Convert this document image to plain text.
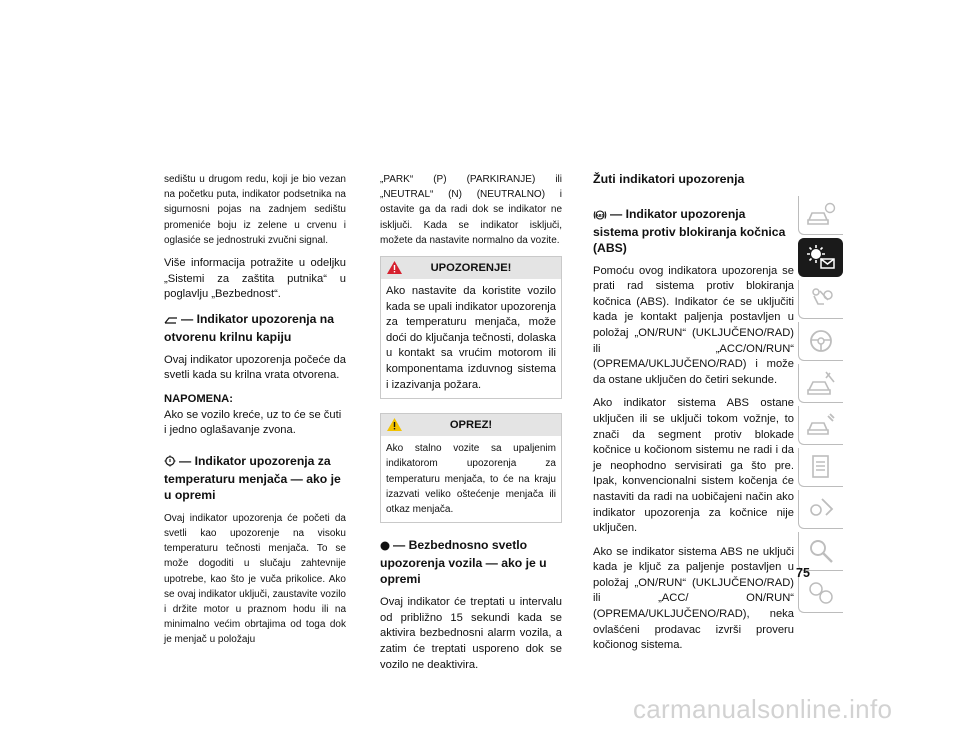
sedištu u drugom redu, koji je bio vezan na početku puta, indikator podsetnika na sigurnosni pojas na zadnjem sedištu promeniće boju iz zelene u crvenu i oglasiće se jednostruki zvučni signal.

Više informacija potražite u odeljku „Sistemi za zaštita putnika“ u poglavlju „Bezbednost“.

— Indikator upozorenja na otvorenu krilnu kapiju

Ovaj indikator upozorenja počeće da svetli kada su krilna vrata otvorena.

NAPOMENA:
Ako se vozilo kreće, uz to će se čuti i jedno oglašavanje zvona.
— Indikator upozorenja za temperaturu menjača — ako je u opremi

Ovaj indikator upozorenja će početi da svetli kao upozorenje na visoku temperaturu tečnosti menjača. To se može dogoditi u slučaju zahtevnije upotrebe, kao što je vuča prikolice. Ako se ovaj indikator uključi, zaustavite vozilo i držite motor u praznom hodu ili na minimalno većim obrtajima od toga dok je menjač u položaju

„PARK“ (P) (PARKIRANJE) ili „NEUTRAL“ (N) (NEUTRALNO) i ostavite ga da radi dok se indikator ne isključi. Kada se indikator isključi, možete da nastavite normalno da vozite.

UPOZORENJE!

Ako nastavite da koristite vozilo kada se upali indikator upozorenja za temperaturu menjača, može doći do ključanja tečnosti, dolaska u kontakt sa vrućim motorom ili komponentama izduvnog sistema i izazivanja požara.

OPREZ!

Ako stalno vozite sa upaljenim indikatorom upozorenja za temperaturu menjača, to će na kraju izazvati veliko oštećenje menjača ili otkaz menjača.

— Bezbednosno svetlo upozorenja vozila — ako je u opremi

Ovaj indikator će treptati u intervalu od približno 15 sekundi kada se aktivira bezbednosni alarm vozila, a zatim će treptati usporeno dok se vozilo ne deaktivira.

Žuti indikatori upozorenja
ABS — Indikator upozorenja sistema protiv blokiranja kočnica (ABS)

Pomoću ovog indikatora upozorenja se prati rad sistema protiv blokiranja kočnica (ABS). Indikator će se uključiti kada je kontakt paljenja postavljen u položaj „ON/RUN“ (UKLJUČENO/RAD) ili „ACC/ON/RUN“ (OPREMA/UKLJUČENO/RAD) i može da ostane uključen do četiri sekunde.

Ako indikator sistema ABS ostane uključen ili se uključi tokom vožnje, to znači da segment protiv blokade kočnice u kočionom sistemu ne radi i da je neophodno servisirati ga što pre. Ipak, konvencionalni sistem kočenja će nastaviti da radi na uobičajeni način ako indikator upozorenja za kočnice nije uključen.

Ako se indikator sistema ABS ne uključi kada je ključ za paljenje postavljen u položaj „ON/RUN“ (UKLJUČENO/RAD) ili „ACC/ ON/RUN“ (OPREMA/UKLJUČENO/RAD), neka ovlašćeni prodavac izvrši proveru kočionog sistema.

75
carmanualsonline.info
